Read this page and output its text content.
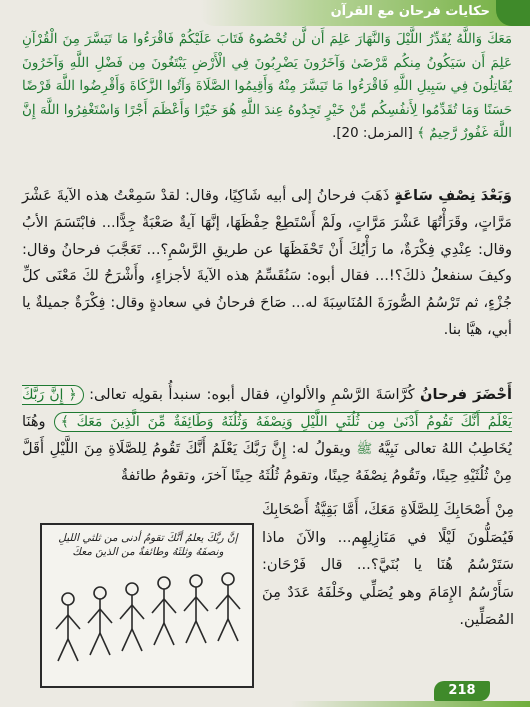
حكايات فرحان مع القرآن
مَعَكَ وَاللَّهُ يُقَدِّرُ اللَّيْلَ وَالنَّهَارَ عَلِمَ أَن لَّن تُحْصُوهُ فَتَابَ عَلَيْكُمْ فَاقْرَءُوا مَا تَيَسَّرَ مِنَ الْقُرْآنِ عَلِمَ أَن سَيَكُونُ مِنكُم مَّرْضَىٰ وَآخَرُونَ يَضْرِبُونَ فِي الْأَرْضِ يَبْتَغُونَ مِن فَضْلِ اللَّهِ وَآخَرُونَ يُقَاتِلُونَ فِي سَبِيلِ اللَّهِ فَاقْرَءُوا مَا تَيَسَّرَ مِنْهُ وَأَقِيمُوا الصَّلَاةَ وَآتُوا الزَّكَاةَ وَأَقْرِضُوا اللَّهَ قَرْضًا حَسَنًا وَمَا تُقَدِّمُوا لِأَنفُسِكُم مِّنْ خَيْرٍ تَجِدُوهُ عِندَ اللَّهِ هُوَ خَيْرًا وَأَعْظَمَ أَجْرًا وَاسْتَغْفِرُوا اللَّهَ إِنَّ اللَّهَ غَفُورٌ رَّحِيمٌ ﴾ [المزمل: 20].
وَبَعْدَ نِصْفِ سَاعَةٍ ذَهَبَ فرحانُ إلى أبيه شَاكِيًا، وقال: لقدْ سَمِعْتُ هذه الآيةَ عَشْرَ مَرَّاتٍ، وقَرَأْتُهَا عَشْرَ مَرَّاتٍ، ولَمْ أَسْتَطِعْ حِفْظَهَا، إنَّهَا آيةٌ صَعْبَةٌ جِدًّا... فابْتَسَمَ الأبُ وقال: عِنْدِي فِكْرَةٌ، ما رَأْيُكَ أَنْ تَحْفَظَهَا عن طريقِ الرَّسْمِ؟... تَعَجَّبَ فرحانُ وقال: وكيفَ سنفعلُ ذلكَ؟!... فقال أبوه: سَنُقَسِّمُ هذه الآيةَ لأجزاءٍ، وأَشْرَحُ لكَ مَعْنَى كلِّ جُزْءٍ، ثم تَرْسُمُ الصُّورَةَ المُنَاسِبَةَ له... صَاحَ فرحانُ في سعادةٍ وقال: فِكْرَةٌ جميلةٌ يا أبي، هيَّا بنا.
أَحْضَرَ فرحانُ كُرَّاسَةَ الرَّسْمِ والألوانِ، فقال أبوه: سنبدأُ بقولِه تعالى: ﴿ إِنَّ رَبَّكَ يَعْلَمُ أَنَّكَ تَقُومُ أَدْنَىٰ مِن ثُلُثَيِ اللَّيْلِ وَنِصْفَهُ وَثُلُثَهُ وَطَائِفَةٌ مِّنَ الَّذِينَ مَعَكَ ﴾ وهُنَا يُخَاطِبُ اللهُ تعالى نَبِيَّهُ ﷺ ويقولُ له: إِنَّ رَبَّكَ يَعْلَمُ أَنَّكَ تَقُومُ لِلصَّلَاةِ مِنَ اللَّيْلِ أَقَلَّ مِنْ ثُلُثَيْهِ حِينًا، وتَقُومُ نِصْفَهُ حِينًا، وتقومُ ثُلُثَهُ حِينًا آخرَ، وتقومُ طائفةٌ
مِنْ أَصْحَابِكَ لِلصَّلَاةِ مَعَكَ، أَمَّا بَقِيَّةُ أَصْحَابِكَ فَيُصَلُّونَ لَيْلًا في مَنَازِلِهِم... والآنَ ماذا سَتَرْسُمُ هُنَا يا بُنَيَّ؟... قال فَرْحَان: سَأَرْسُمُ الإِمَامَ وهو يُصَلِّي وخَلْفَهُ عَدَدٌ مِنَ المُصَلِّين.
إنَّ ربَّكَ يعلمُ أنَّكَ تقومُ أدنى من ثلثي الليلِ ونصفَهُ وثلثَهُ وطائفةٌ من الذينَ معكَ
218
